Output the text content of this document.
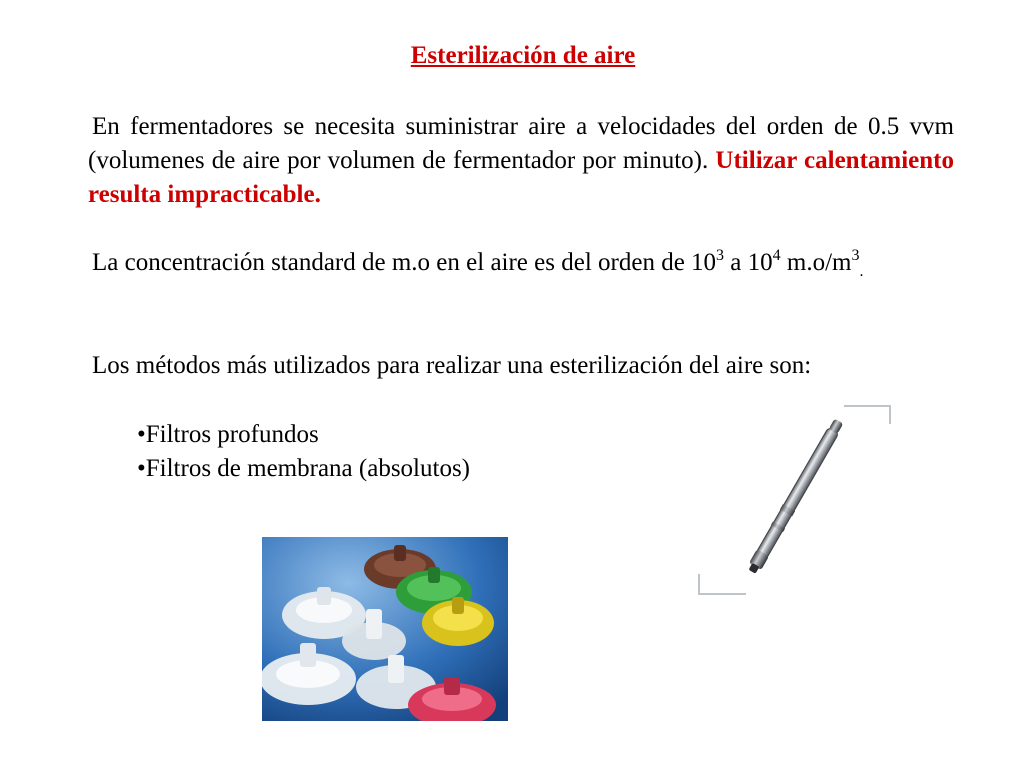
Esterilización de aire
En fermentadores se necesita suministrar aire a velocidades del orden de 0.5 vvm (volumenes de aire por volumen de fermentador por minuto). Utilizar calentamiento resulta impracticable.
La concentración standard de m.o en el aire es del orden de $10^3$ a $10^4$ $m.o/m^3_.$
Los métodos más utilizados para realizar una esterilización del aire son:
•Filtros profundos
•Filtros de membrana (absolutos)
